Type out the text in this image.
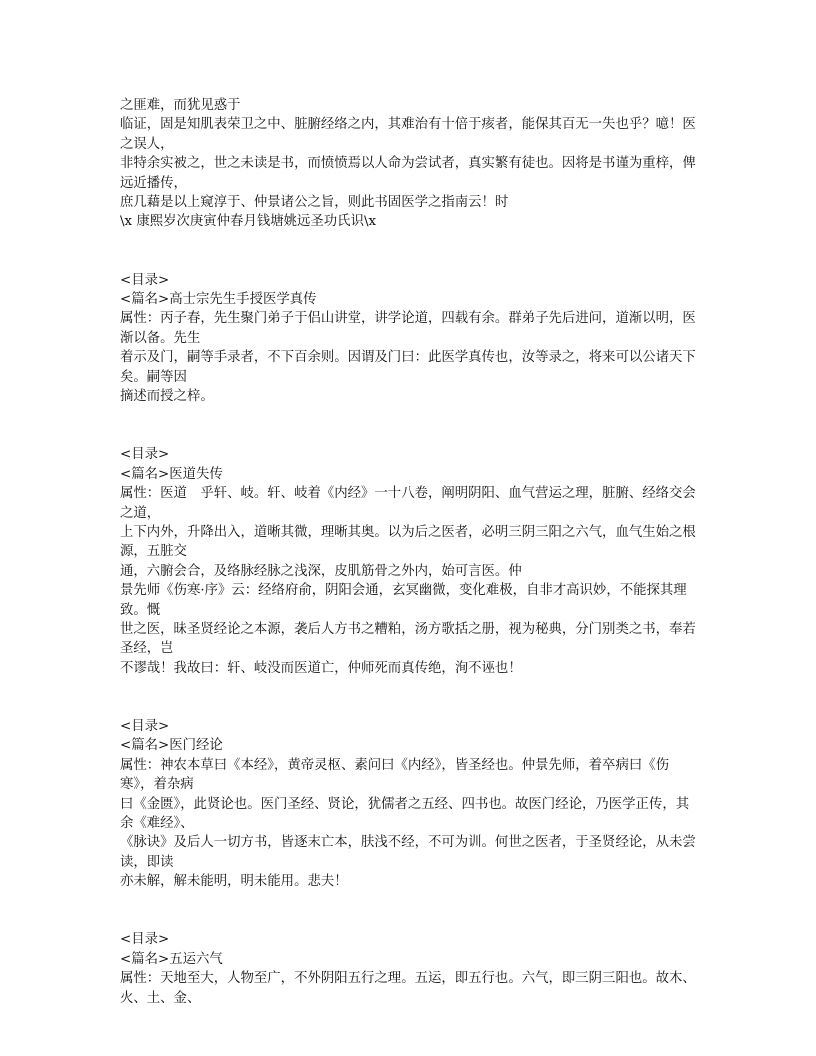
之匪难，而犹见惑于

临证，固是知肌表荣卫之中、脏腑经络之内，其难治有十倍于痎者，能保其百无一失也乎？噫！医之误人，

非特余实被之，世之未读是书，而愤愤焉以人命为尝试者，真实繁有徒也。因将是书谨为重梓，俾远近播传，

庶几藉是以上窥淳于、仲景诸公之旨，则此书固医学之指南云！时

\x 康熙岁次庚寅仲春月钱塘姚远圣功氏识\x

<目录>

<篇名>高士宗先生手授医学真传

属性：丙子春，先生聚门弟子于侣山讲堂，讲学论道，四载有余。群弟子先后进问，道渐以明，医渐以备。先生

着示及门，嗣等手录者，不下百余则。因谓及门曰：此医学真传也，汝等录之，将来可以公诸天下矣。嗣等因

摘述而授之梓。

<目录>

<篇名>医道失传

属性：医道　乎轩、岐。轩、岐着《内经》一十八卷，阐明阴阳、血气营运之理，脏腑、经络交会之道，

上下内外，升降出入，道晰其微，理晰其奥。以为后之医者，必明三阴三阳之六气，血气生始之根源，五脏交

通，六腑会合，及络脉经脉之浅深，皮肌筋骨之外内，始可言医。仲

景先师《伤寒·序》云：经络府俞，阴阳会通，玄冥幽微，变化难极，自非才高识妙，不能探其理致。慨

世之医，昧圣贤经论之本源，袭后人方书之糟粕，汤方歌括之册，视为秘典，分门别类之书，奉若圣经，岂

不谬哉！我故曰：轩、岐没而医道亡，仲师死而真传绝，洵不诬也！

<目录>

<篇名>医门经论

属性：神农本草曰《本经》，黄帝灵枢、素问曰《内经》，皆圣经也。仲景先师，着卒病曰《伤寒》，着杂病

曰《金匮》，此贤论也。医门圣经、贤论，犹儒者之五经、四书也。故医门经论，乃医学正传，其余《难经》、

《脉诀》及后人一切方书，皆逐末亡本，肤浅不经，不可为训。何世之医者，于圣贤经论，从未尝读，即读

亦未解，解未能明，明未能用。悲夫！

<目录>

<篇名>五运六气

属性：天地至大，人物至广，不外阴阳五行之理。五运，即五行也。六气，即三阴三阳也。故木、火、土、金、
